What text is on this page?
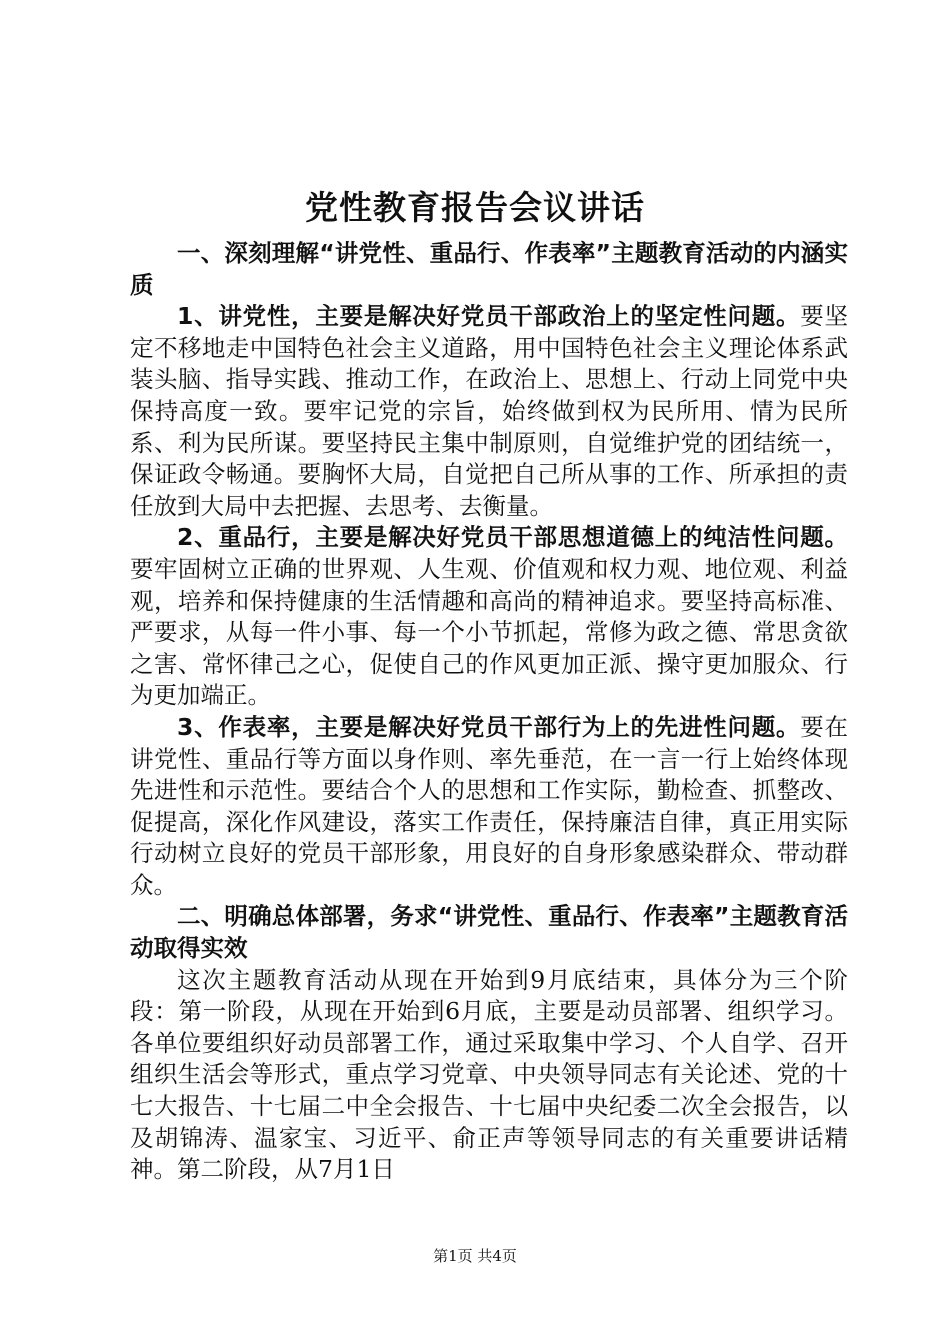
党性教育报告会议讲话

一、深刻理解“讲党性、重品行、作表率”主题教育活动的内涵实质

1、讲党性，主要是解决好党员干部政治上的坚定性问题。要坚定不移地走中国特色社会主义道路，用中国特色社会主义理论体系武装头脑、指导实践、推动工作，在政治上、思想上、行动上同党中央保持高度一致。要牢记党的宗旨，始终做到权为民所用、情为民所系、利为民所谋。要坚持民主集中制原则，自觉维护党的团结统一，保证政令畅通。要胸怀大局，自觉把自己所从事的工作、所承担的责任放到大局中去把握、去思考、去衡量。

2、重品行，主要是解决好党员干部思想道德上的纯洁性问题。要牢固树立正确的世界观、人生观、价值观和权力观、地位观、利益观，培养和保持健康的生活情趣和高尚的精神追求。要坚持高标准、严要求，从每一件小事、每一个小节抓起，常修为政之德、常思贪欲之害、常怀律己之心，促使自己的作风更加正派、操守更加服众、行为更加端正。

3、作表率，主要是解决好党员干部行为上的先进性问题。要在讲党性、重品行等方面以身作则、率先垂范，在一言一行上始终体现先进性和示范性。要结合个人的思想和工作实际，勤检查、抓整改、促提高，深化作风建设，落实工作责任，保持廉洁自律，真正用实际行动树立良好的党员干部形象，用良好的自身形象感染群众、带动群众。

二、明确总体部署，务求“讲党性、重品行、作表率”主题教育活动取得实效

这次主题教育活动从现在开始到9月底结束，具体分为三个阶段：第一阶段，从现在开始到6月底，主要是动员部署、组织学习。各单位要组织好动员部署工作，通过采取集中学习、个人自学、召开组织生活会等形式，重点学习党章、中央领导同志有关论述、党的十七大报告、十七届二中全会报告、十七届中央纪委二次全会报告，以及胡锦涛、温家宝、习近平、俞正声等领导同志的有关重要讲话精神。第二阶段，从7月1日

第1页 共4页
